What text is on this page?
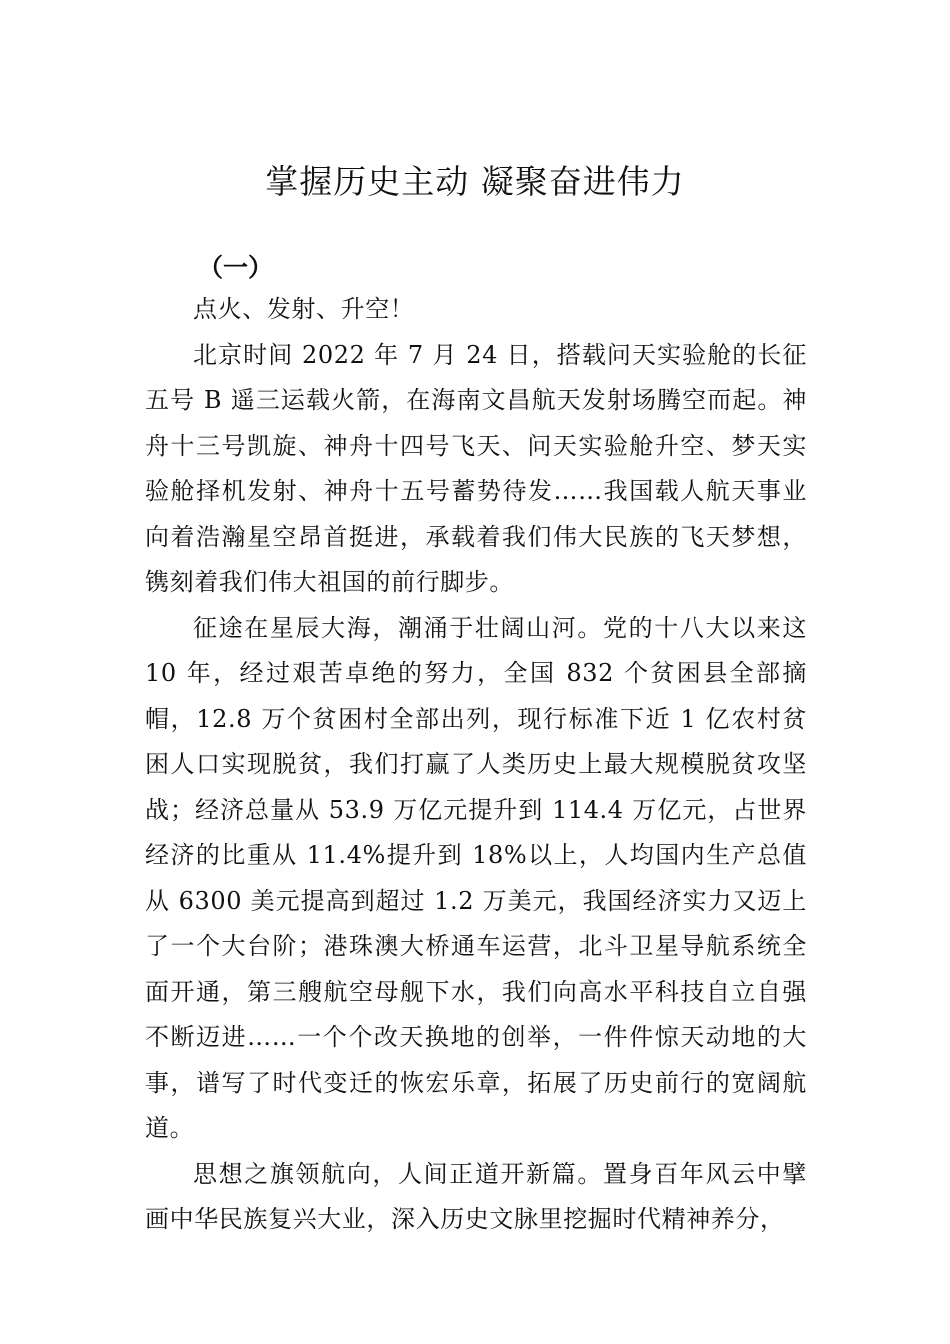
掌握历史主动 凝聚奋进伟力
（一）

点火、发射、升空！

北京时间 2022 年 7 月 24 日，搭载问天实验舱的长征五号 B 遥三运载火箭，在海南文昌航天发射场腾空而起。神舟十三号凯旋、神舟十四号飞天、问天实验舱升空、梦天实验舱择机发射、神舟十五号蓄势待发……我国载人航天事业向着浩瀚星空昂首挺进，承载着我们伟大民族的飞天梦想，镌刻着我们伟大祖国的前行脚步。

征途在星辰大海，潮涌于壮阔山河。党的十八大以来这 10 年，经过艰苦卓绝的努力，全国 832 个贫困县全部摘帽，12.8 万个贫困村全部出列，现行标准下近 1 亿农村贫困人口实现脱贫，我们打赢了人类历史上最大规模脱贫攻坚战；经济总量从 53.9 万亿元提升到 114.4 万亿元，占世界经济的比重从 11.4%提升到 18%以上，人均国内生产总值从 6300 美元提高到超过 1.2 万美元，我国经济实力又迈上了一个大台阶；港珠澳大桥通车运营，北斗卫星导航系统全面开通，第三艘航空母舰下水，我们向高水平科技自立自强不断迈进……一个个改天换地的创举，一件件惊天动地的大事，谱写了时代变迁的恢宏乐章，拓展了历史前行的宽阔航道。

思想之旗领航向，人间正道开新篇。置身百年风云中擘画中华民族复兴大业，深入历史文脉里挖掘时代精神养分，
